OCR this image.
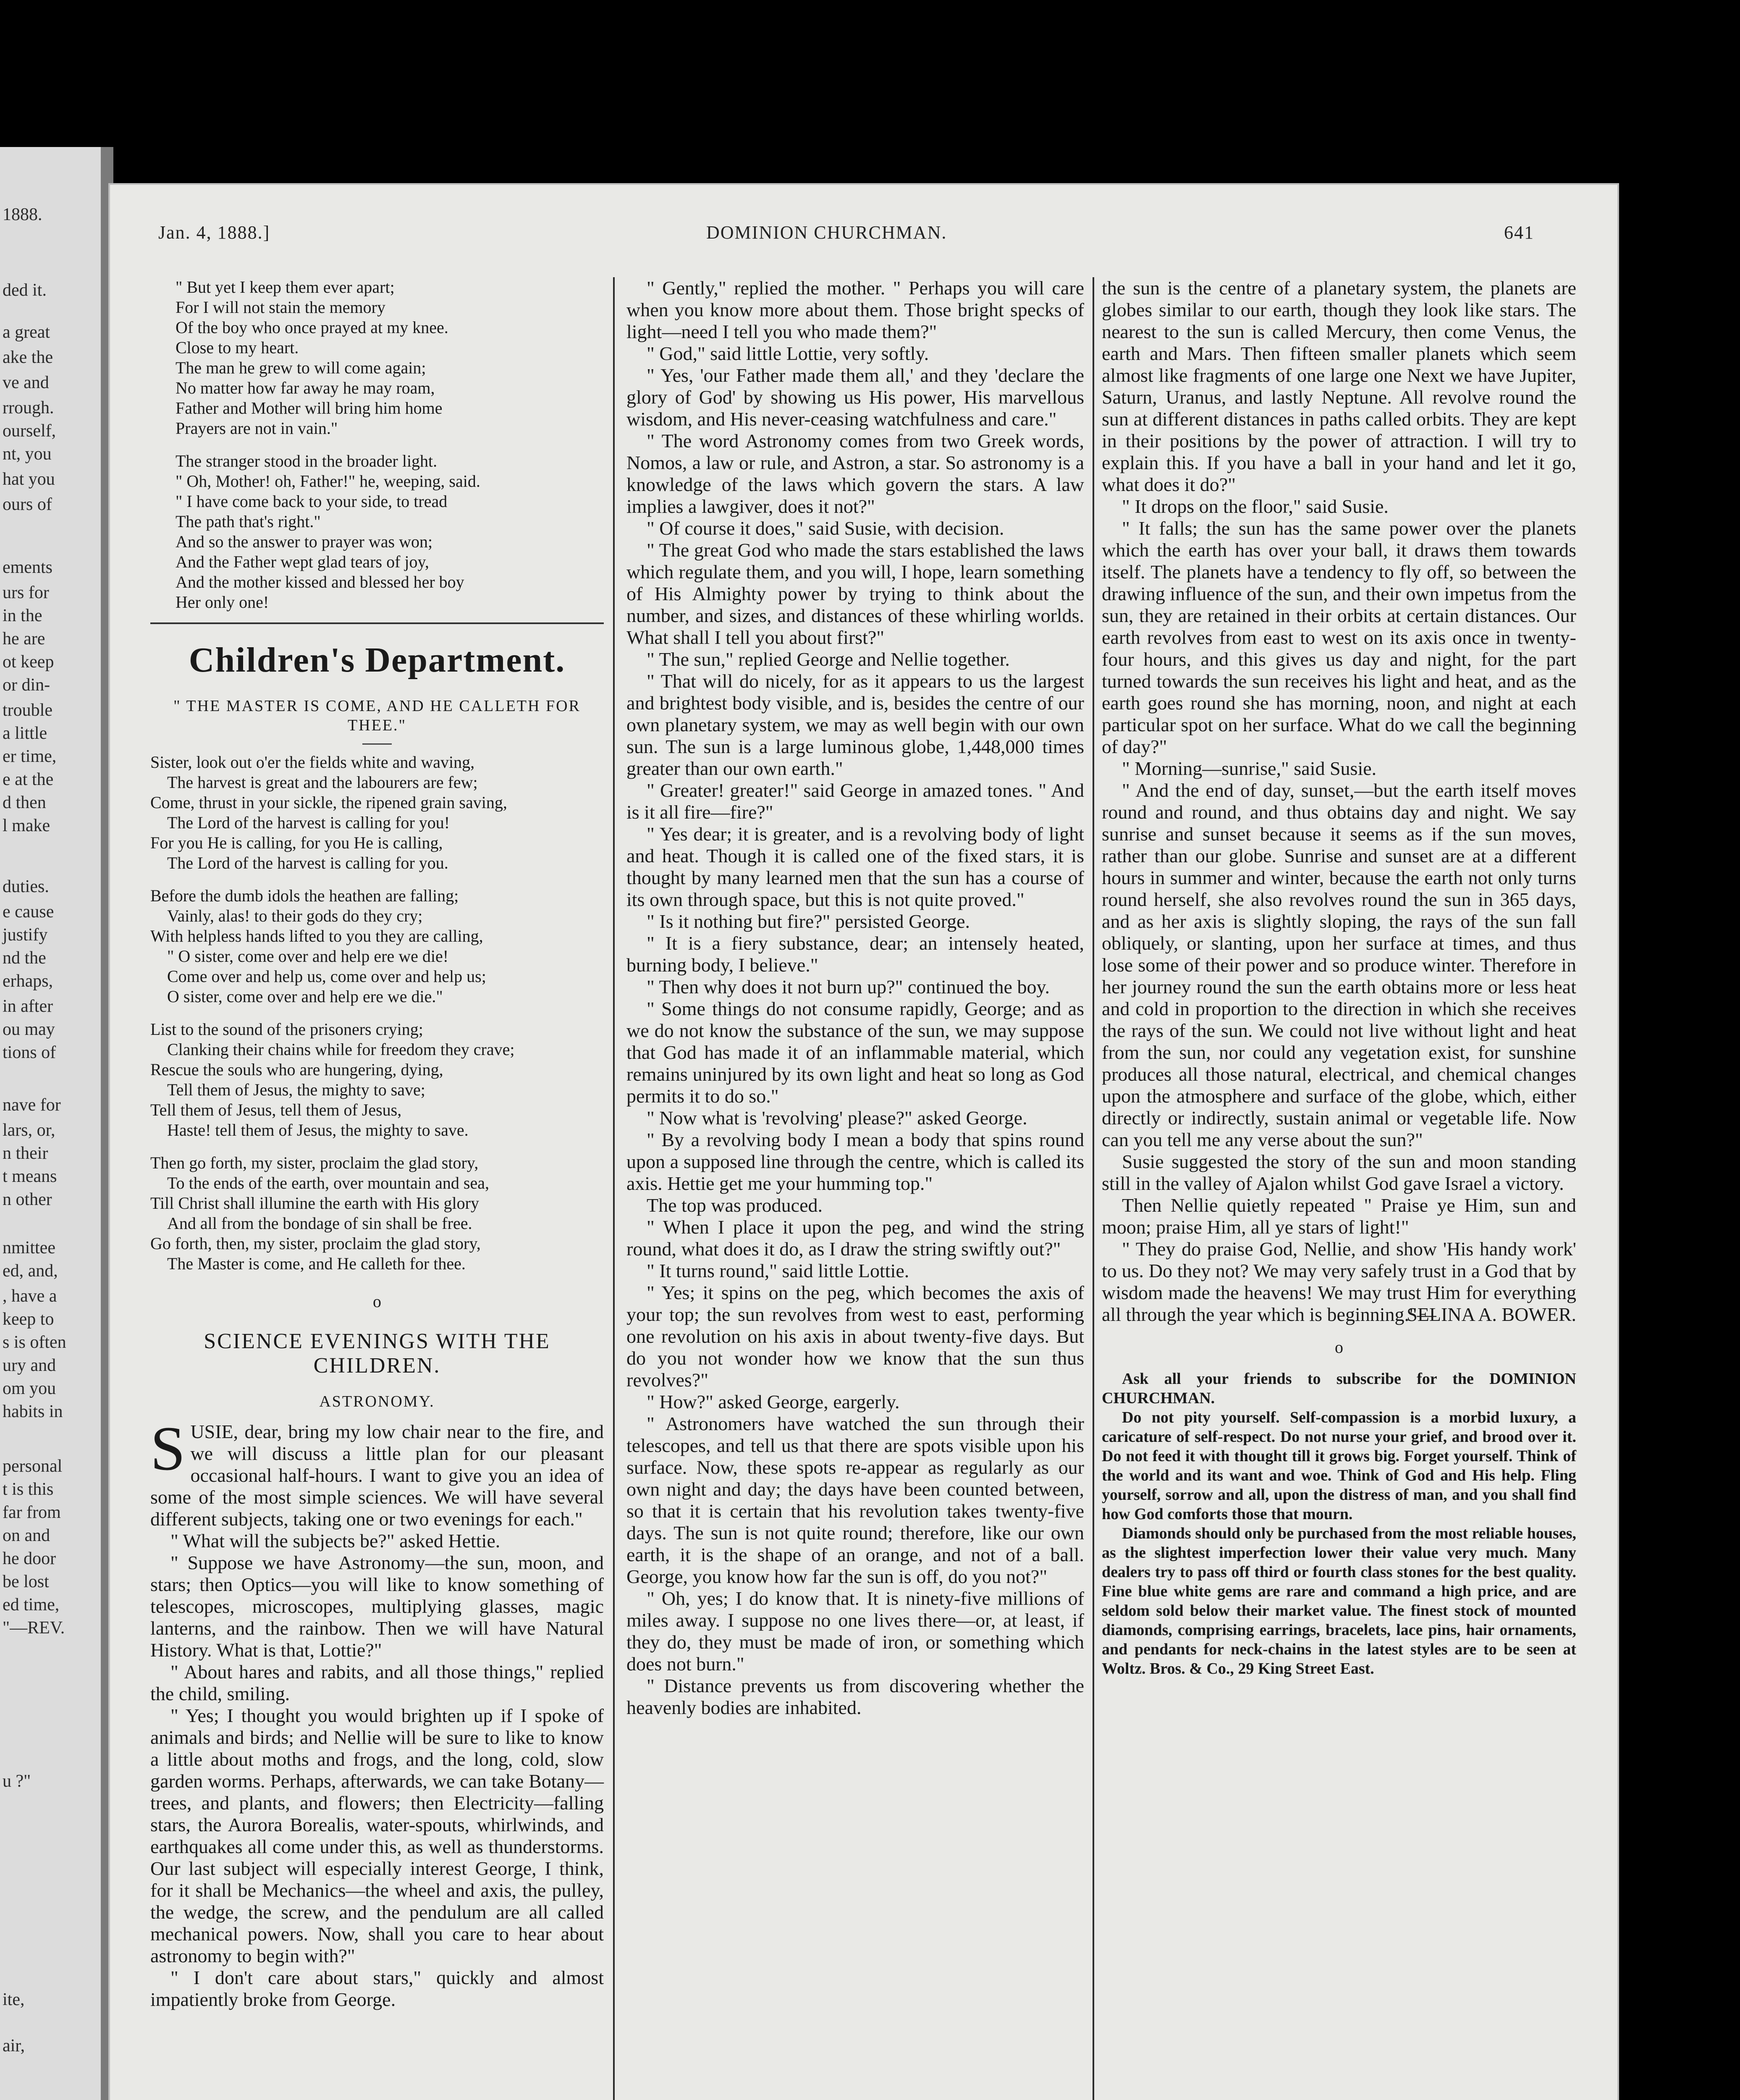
1888.
ded it.
a great
ake the
ve and
rrough.
ourself,
nt, you
hat you
ours of
ements
urs for
in the
he are
ot keep
or din-
trouble
a little
er time,
e at the
d then
l make
duties.
e cause
justify
nd the
erhaps,
in after
ou may
tions of
nave for
lars, or,
n their
t means
n other
nmittee
ed, and,
, have a
keep to
s is often
ury and
om you
habits in
personal
t is this
far from
on and
he door
be lost
ed time,
"—REV.
u ?"
ite,
air,
Jan. 4, 1888.]	DOMINION CHURCHMAN.	641
" But yet I keep them ever apart;
For I will not stain the memory
Of the boy who once prayed at my knee.
Close to my heart.
The man he grew to will come again;
No matter how far away he may roam,
Father and Mother will bring him home
Prayers are not in vain."
The stranger stood in the broader light.
" Oh, Mother! oh, Father!" he, weeping, said.
" I have come back to your side, to tread
The path that's right."
And so the answer to prayer was won;
And the Father wept glad tears of joy,
And the mother kissed and blessed her boy
Her only one!
Children's Department.
" THE MASTER IS COME, AND HE CALLETH FOR THEE."
Sister, look out o'er the fields white and waving,
The harvest is great and the labourers are few;
Come, thrust in your sickle, the ripened grain saving,
The Lord of the harvest is calling for you!
For you He is calling, for you He is calling,
The Lord of the harvest is calling for you.
Before the dumb idols the heathen are falling;
Vainly, alas! to their gods do they cry;
With helpless hands lifted to you they are calling,
" O sister, come over and help ere we die!
Come over and help us, come over and help us;
O sister, come over and help ere we die."
List to the sound of the prisoners crying;
Clanking their chains while for freedom they crave;
Rescue the souls who are hungering, dying,
Tell them of Jesus, the mighty to save;
Tell them of Jesus, tell them of Jesus,
Haste! tell them of Jesus, the mighty to save.
Then go forth, my sister, proclaim the glad story,
To the ends of the earth, over mountain and sea,
Till Christ shall illumine the earth with His glory
And all from the bondage of sin shall be free.
Go forth, then, my sister, proclaim the glad story,
The Master is come, and He calleth for thee.
o
SCIENCE EVENINGS WITH THE CHILDREN.
ASTRONOMY.

SUSIE, dear, bring my low chair near to the fire, and we will discuss a little plan for our pleasant occasional half-hours. I want to give you an idea of some of the most simple sciences. We will have several different subjects, taking one or two evenings for each."

" What will the subjects be?" asked Hettie.

" Suppose we have Astronomy—the sun, moon, and stars; then Optics—you will like to know something of telescopes, microscopes, multiplying glasses, magic lanterns, and the rainbow. Then we will have Natural History. What is that, Lottie?"

" About hares and rabits, and all those things," replied the child, smiling.

" Yes; I thought you would brighten up if I spoke of animals and birds; and Nellie will be sure to like to know a little about moths and frogs, and the long, cold, slow garden worms. Perhaps, afterwards, we can take Botany—trees, and plants, and flowers; then Electricity—falling stars, the Aurora Borealis, water-spouts, whirlwinds, and earthquakes all come under this, as well as thunderstorms. Our last subject will especially interest George, I think, for it shall be Mechanics—the wheel and axis, the pulley, the wedge, the screw, and the pendulum are all called mechanical powers. Now, shall you care to hear about astronomy to begin with?"

" I don't care about stars," quickly and almost impatiently broke from George.

" Gently," replied the mother. " Perhaps you will care when you know more about them. Those bright specks of light—need I tell you who made them?"

" God," said little Lottie, very softly.

" Yes, 'our Father made them all,' and they 'declare the glory of God' by showing us His power, His marvellous wisdom, and His never-ceasing watchfulness and care."

" The word Astronomy comes from two Greek words, Nomos, a law or rule, and Astron, a star. So astronomy is a knowledge of the laws which govern the stars. A law implies a lawgiver, does it not?"

" Of course it does," said Susie, with decision.

" The great God who made the stars established the laws which regulate them, and you will, I hope, learn something of His Almighty power by trying to think about the number, and sizes, and distances of these whirling worlds. What shall I tell you about first?"

" The sun," replied George and Nellie together.

" That will do nicely, for as it appears to us the largest and brightest body visible, and is, besides the centre of our own planetary system, we may as well begin with our own sun. The sun is a large luminous globe, 1,448,000 times greater than our own earth."

" Greater! greater!" said George in amazed tones. " And is it all fire—fire?"

" Yes dear; it is greater, and is a revolving body of light and heat. Though it is called one of the fixed stars, it is thought by many learned men that the sun has a course of its own through space, but this is not quite proved."

" Is it nothing but fire?" persisted George.

" It is a fiery substance, dear; an intensely heated, burning body, I believe."

" Then why does it not burn up?" continued the boy.

" Some things do not consume rapidly, George; and as we do not know the substance of the sun, we may suppose that God has made it of an inflammable material, which remains uninjured by its own light and heat so long as God permits it to do so."

" Now what is 'revolving' please?" asked George.

" By a revolving body I mean a body that spins round upon a supposed line through the centre, which is called its axis. Hettie get me your humming top."

The top was produced.

" When I place it upon the peg, and wind the string round, what does it do, as I draw the string swiftly out?"

" It turns round," said little Lottie.

" Yes; it spins on the peg, which becomes the axis of your top; the sun revolves from west to east, performing one revolution on his axis in about twenty-five days. But do you not wonder how we know that the sun thus revolves?"

" How?" asked George, eargerly.

" Astronomers have watched the sun through their telescopes, and tell us that there are spots visible upon his surface. Now, these spots re-appear as regularly as our own night and day; the days have been counted between, so that it is certain that his revolution takes twenty-five days. The sun is not quite round; therefore, like our own earth, it is the shape of an orange, and not of a ball. George, you know how far the sun is off, do you not?"

" Oh, yes; I do know that. It is ninety-five millions of miles away. I suppose no one lives there—or, at least, if they do, they must be made of iron, or something which does not burn."

" Distance prevents us from discovering whether the heavenly bodies are inhabited.

the sun is the centre of a planetary system, the planets are globes similar to our earth, though they look like stars. The nearest to the sun is called Mercury, then come Venus, the earth and Mars. Then fifteen smaller planets which seem almost like fragments of one large one Next we have Jupiter, Saturn, Uranus, and lastly Neptune. All revolve round the sun at different distances in paths called orbits. They are kept in their positions by the power of attraction. I will try to explain this. If you have a ball in your hand and let it go, what does it do?"

" It drops on the floor," said Susie.

" It falls; the sun has the same power over the planets which the earth has over your ball, it draws them towards itself. The planets have a tendency to fly off, so between the drawing influence of the sun, and their own impetus from the sun, they are retained in their orbits at certain distances. Our earth revolves from east to west on its axis once in twenty-four hours, and this gives us day and night, for the part turned towards the sun receives his light and heat, and as the earth goes round she has morning, noon, and night at each particular spot on her surface. What do we call the beginning of day?"

" Morning—sunrise," said Susie.

" And the end of day, sunset,—but the earth itself moves round and round, and thus obtains day and night. We say sunrise and sunset because it seems as if the sun moves, rather than our globe. Sunrise and sunset are at a different hours in summer and winter, because the earth not only turns round herself, she also revolves round the sun in 365 days, and as her axis is slightly sloping, the rays of the sun fall obliquely, or slanting, upon her surface at times, and thus lose some of their power and so produce winter. Therefore in her journey round the sun the earth obtains more or less heat and cold in proportion to the direction in which she receives the rays of the sun. We could not live without light and heat from the sun, nor could any vegetation exist, for sunshine produces all those natural, electrical, and chemical changes upon the atmosphere and surface of the globe, which, either directly or indirectly, sustain animal or vegetable life. Now can you tell me any verse about the sun?"

Susie suggested the story of the sun and moon standing still in the valley of Ajalon whilst God gave Israel a victory.

Then Nellie quietly repeated " Praise ye Him, sun and moon; praise Him, all ye stars of light!"

" They do praise God, Nellie, and show 'His handy work' to us. Do they not? We may very safely trust in a God that by wisdom made the heavens! We may trust Him for everything all through the year which is beginning."—

SELINA A. BOWER.

o

Ask all your friends to subscribe for the DOMINION CHURCHMAN.

Do not pity yourself. Self-compassion is a morbid luxury, a caricature of self-respect. Do not nurse your grief, and brood over it. Do not feed it with thought till it grows big. Forget yourself. Think of the world and its want and woe. Think of God and His help. Fling yourself, sorrow and all, upon the distress of man, and you shall find how God comforts those that mourn.

Diamonds should only be purchased from the most reliable houses, as the slightest imperfection lower their value very much. Many dealers try to pass off third or fourth class stones for the best quality. Fine blue white gems are rare and command a high price, and are seldom sold below their market value. The finest stock of mounted diamonds, comprising earrings, bracelets, lace pins, hair ornaments, and pendants for neck-chains in the latest styles are to be seen at Woltz. Bros. & Co., 29 King Street East.
